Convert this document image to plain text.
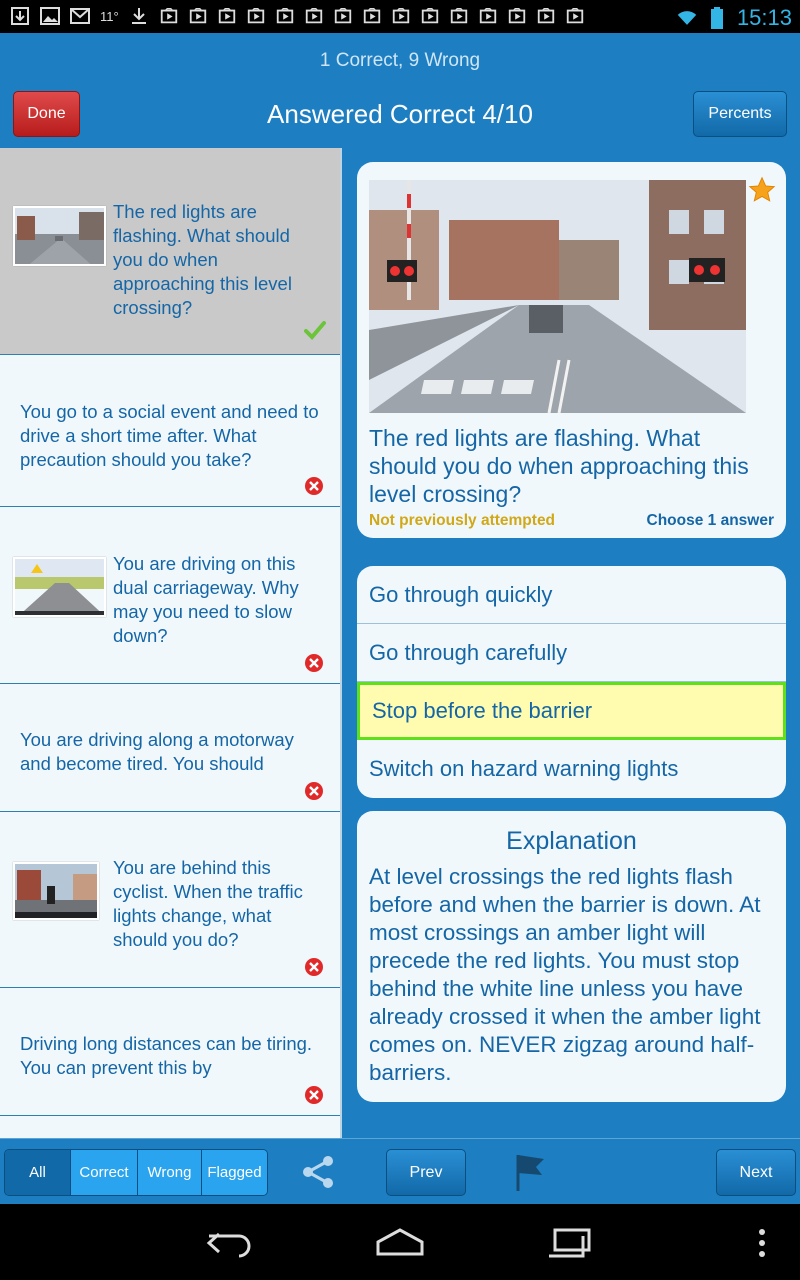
11°	15:13
1 Correct, 9 Wrong
Done	Answered Correct 4/10	Percents
The red lights are flashing. What should you do when approaching this level crossing?
You go to a social event and need to drive a short time after. What precaution should you take?
You are driving on this dual carriageway. Why may you need to slow down?
You are driving along a motorway and become tired. You should
You are behind this cyclist. When the traffic lights change, what should you do?
Driving long distances can be tiring. You can prevent this by
The red lights are flashing. What should you do when approaching this level crossing?
Not previously attempted	Choose 1 answer
Go through quickly
Go through carefully
Stop before the barrier
Switch on hazard warning lights
Explanation
At level crossings the red lights flash before and when the barrier is down. At most crossings an amber light will precede the red lights. You must stop behind the white line unless you have already crossed it when the amber light comes on. NEVER zigzag around half-barriers.
All	Correct	Wrong	Flagged	Prev	Next
